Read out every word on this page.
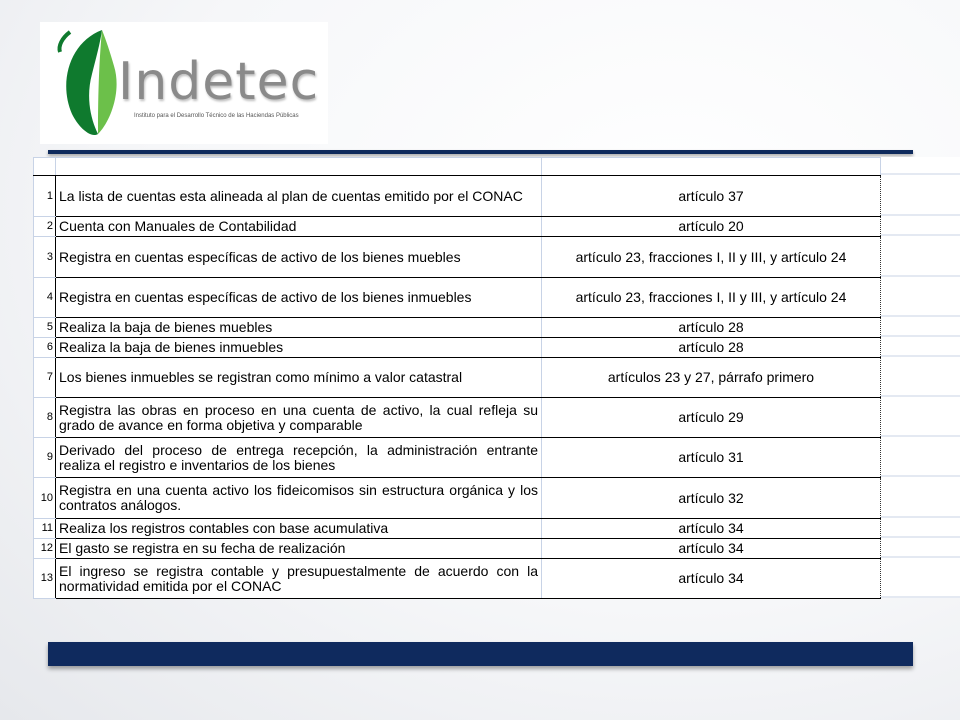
Indetec
Instituto para el Desarrollo Técnico de las Haciendas Públicas

1	La lista de cuentas esta alineada al plan de cuentas emitido por el CONAC	artículo 37
2	Cuenta con Manuales de Contabilidad	artículo 20
3	Registra en cuentas específicas de activo de los bienes muebles	artículo 23, fracciones I, II y III, y artículo 24
4	Registra en cuentas específicas de activo de los bienes inmuebles	artículo 23, fracciones I, II y III, y artículo 24
5	Realiza la baja de bienes muebles	artículo 28
6	Realiza la baja de bienes inmuebles	artículo 28
7	Los bienes inmuebles se registran como mínimo a valor catastral	artículos 23 y 27, párrafo primero
8	Registra las obras en proceso en una cuenta de activo, la cual refleja su grado de avance en forma objetiva y comparable	artículo 29
9	Derivado del proceso de entrega recepción, la administración entrante realiza el registro e inventarios de los bienes	artículo 31
10	Registra en una cuenta activo los fideicomisos sin estructura orgánica y los contratos análogos.	artículo 32
11	Realiza los registros contables con base acumulativa	artículo 34
12	El gasto se registra en su fecha de realización	artículo 34
13	El ingreso se registra contable y presupuestalmente de acuerdo con la normatividad emitida por el CONAC	artículo 34
